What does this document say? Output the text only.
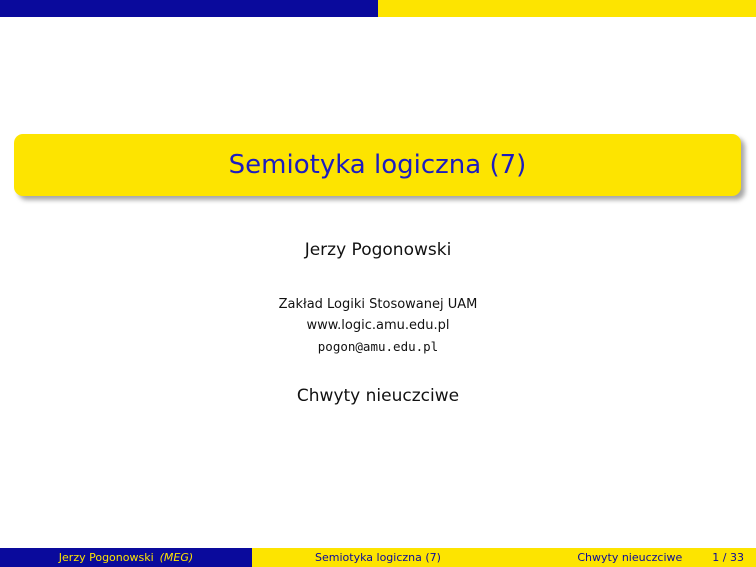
Semiotyka logiczna (7)
Jerzy Pogonowski
Zakład Logiki Stosowanej UAM
www.logic.amu.edu.pl
pogon@amu.edu.pl
Chwyty nieuczciwe
Jerzy Pogonowski (MEG)	Semiotyka logiczna (7)	Chwyty nieuczciwe	1 / 33
